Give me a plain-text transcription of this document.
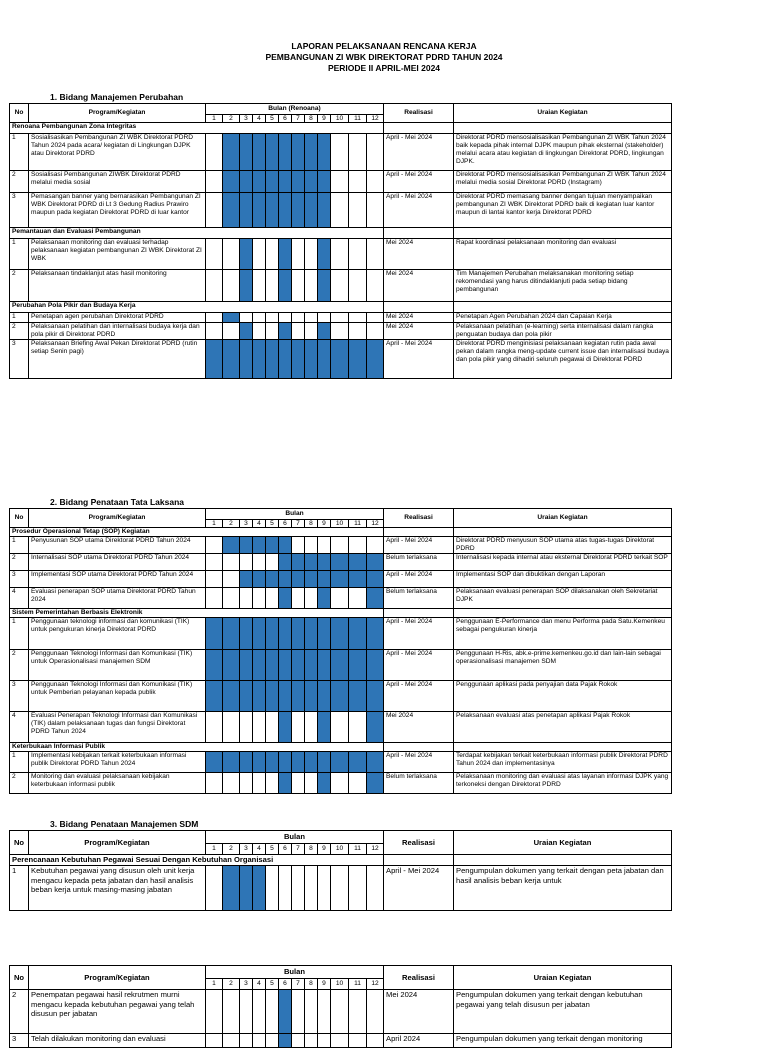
LAPORAN PELAKSANAAN RENCANA KERJA
PEMBANGUNAN ZI WBK DIREKTORAT PDRD TAHUN 2024
PERIODE II APRIL-MEI 2024
1. Bidang Manajemen Perubahan
No	Program/Kegiatan	Bulan (Renoana)												Realisasi	Uraian Kegiatan
		1	2	3	4	5	6	7	8	9	10	11	12		
Renoana Pembangunan Zona Integritas															
1	Sosialisasikan Pembangunan ZI WBK Direktorat PDRD Tahun 2024 pada acara/ kegiatan di Lingkungan DJPK atau Direktorat PDRD													April - Mei 2024	Direktorat PDRD mensosialisasikan Pembangunan ZI WBK Tahun 2024 baik kepada pihak internal DJPK maupun pihak eksternal (stakeholder) melalui acara atau kegiatan di lingkungan Direktorat PDRD, lingkungan DJPK.
2	Sosialisasi Pembangunan ZIWBK Direktorat PDRD melalui media sosial													April - Mei 2024	Direktorat PDRD mensosialisasikan Pembangunan ZI WBK Tahun 2024 melalui media sosial Direktorat PDRD (Instagram)
3	Pemasangan banner yang bernarasikan Pembangunan ZI WBK Direktorat PDRD di Lt 3 Gedung Radius Prawiro maupun pada kegiatan Direktorat PDRD di luar kantor													April - Mei 2024	Direktorat PDRD memasang banner dengan tujuan menyampaikan pembangunan ZI WBK Direktorat PDRD baik di kegiatan luar kantor maupun di lantai kantor kerja Direktorat PDRD
Pemantauan dan Evaluasi Pembangunan															
1	Pelaksanaan monitoring dan evaluasi terhadap pelaksanaan kegiatan pembangunan ZI WBK Direktorat ZI WBK													Mei 2024	Rapat koordinasi pelaksanaan monitoring dan evaluasi
2	Pelaksanaan tindaklanjut atas hasil monitoring													Mei 2024	Tim Manajemen Perubahan melaksanakan monitoring setiap rekomendasi yang harus ditindaklanjuti pada setiap bidang pembangunan
Perubahan Pola Pikir dan Budaya Kerja															
1	Penetapan agen perubahan Direktorat PDRD													Mei 2024	Penetapan Agen Perubahan 2024 dan Capaian Kerja
2	Pelaksanaan pelatihan dan internalisasi budaya kerja dan pola pikir di Direktorat PDRD													Mei 2024	Pelaksanaan pelatihan (e-learning) serta internalisasi dalam rangka penguatan budaya dan pola pikir
3	Pelaksanaan Briefing Awal Pekan Direktorat PDRD (rutin setiap Senin pagi)													April - Mei 2024	Direktorat PDRD menginisiasi pelaksanaan kegiatan rutin pada awal pekan dalam rangka meng-update current issue dan internalisasi budaya dan pola pikir yang dihadiri seluruh pegawai di Direktorat PDRD
2. Bidang Penataan Tata Laksana
No	Program/Kegiatan	Bulan												Realisasi	Uraian Kegiatan
		1	2	3	4	5	6	7	8	9	10	11	12		
Prosedur Operasional Tetap (SOP) Kegiatan															
1	Penyusunan SOP utama Direktorat PDRD Tahun 2024													April - Mei 2024	Direktorat PDRD menyusun SOP utama atas tugas-tugas Direktorat PDRD
2	Internalisasi SOP utama Direktorat PDRD Tahun 2024													Belum terlaksana	Internalisasi kepada internal atau eksternal Direktorat PDRD terkait SOP
3	Implementasi SOP utama Direktorat PDRD Tahun 2024													April - Mei 2024	Implementasi SOP dan dibuktikan dengan Laporan
4	Evaluasi penerapan SOP utama Direktorat PDRD Tahun 2024													Belum terlaksana	Pelaksanaan evaluasi penerapan SOP dilaksanakan oleh Sekretariat DJPK
Sistem Pemerintahan Berbasis Elektronik															
1	Penggunaan teknologi informasi dan komunikasi (TIK) untuk pengukuran kinerja Direktorat PDRD													April - Mei 2024	Penggunaan E-Performance dan menu Performa pada Satu.Kemenkeu sebagai pengukuran kinerja
2	Penggunaan Teknologi Informasi dan Komunikasi (TIK) untuk Operasionalisasi manajemen SDM													April - Mei 2024	Penggunaan H-Ris, abk.e-prime.kemenkeu.go.id dan lain-lain sebagai operasionalisasi manajemen SDM
3	Penggunaan Teknologi Informasi dan Komunikasi (TIK) untuk Pemberian pelayanan kepada publik													April - Mei 2024	Penggunaan aplikasi pada penyajian data Pajak Rokok
4	Evaluasi Penerapan Teknologi Informasi dan Komunikasi (TIK) dalam pelaksanaan tugas dan fungsi Direktorat PDRD Tahun 2024													Mei 2024	Pelaksanaan evaluasi atas penetapan aplikasi Pajak Rokok
Keterbukaan Informasi Publik															
1	Implementasi kebijakan terkait keterbukaan informasi publik Direktorat PDRD Tahun 2024													April - Mei 2024	Terdapat kebijakan terkait keterbukaan informasi publik Direktorat PDRD Tahun 2024 dan implementasinya
2	Monitoring dan evaluasi pelaksanaan kebijakan keterbukaan informasi publik													Belum terlaksana	Pelaksanaan monitoring dan evaluasi atas layanan informasi DJPK yang terkoneksi dengan Direktorat PDRD
3. Bidang Penataan Manajemen SDM
No	Program/Kegiatan	Bulan												Realisasi	Uraian Kegiatan
		1	2	3	4	5	6	7	8	9	10	11	12		
Perencanaan Kebutuhan Pegawai Sesuai Dengan Kebutuhan Organisasi															
1	Kebutuhan pegawai yang disusun oleh unit kerja mengacu kepada peta jabatan dan hasil analisis beban kerja untuk masing-masing jabatan													April - Mei 2024	Pengumpulan dokumen yang terkait dengan peta jabatan dan hasil analisis beban kerja untuk
No	Program/Kegiatan	Bulan												Realisasi	Uraian Kegiatan
		1	2	3	4	5	6	7	8	9	10	11	12		
2	Penempatan pegawai hasil rekrutmen murni mengacu kepada kebutuhan pegawai yang telah disusun per jabatan													Mei 2024	Pengumpulan dokumen yang terkait dengan kebutuhan pegawai yang telah disusun per jabatan
3	Telah dilakukan monitoring dan evaluasi													April 2024	Pengumpulan dokumen yang terkait dengan monitoring
